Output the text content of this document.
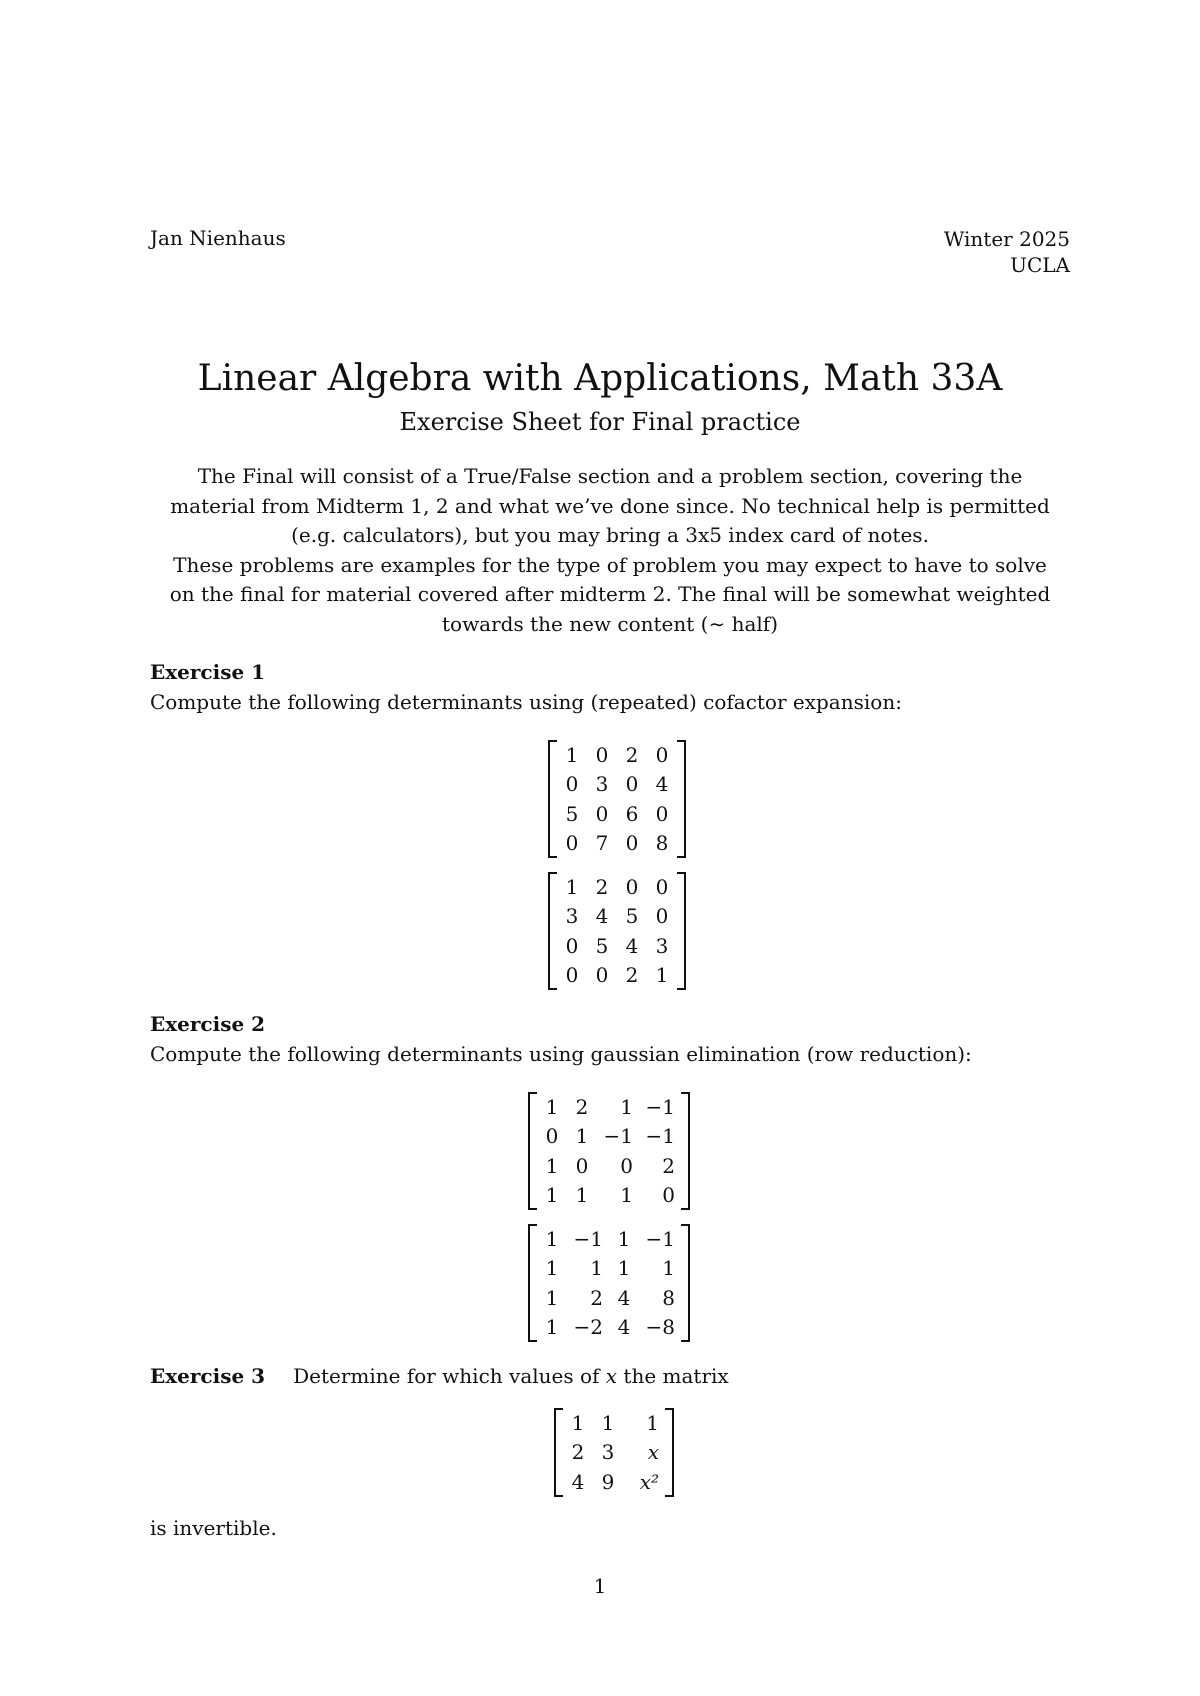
Jan Nienhaus	Winter 2025
UCLA
Linear Algebra with Applications, Math 33A
Exercise Sheet for Final practice

The Final will consist of a True/False section and a problem section, covering the

material from Midterm 1, 2 and what we’ve done since. No technical help is permitted

(e.g. calculators), but you may bring a 3x5 index card of notes.

These problems are examples for the type of problem you may expect to have to solve

on the final for material covered after midterm 2. The final will be somewhat weighted

towards the new content (∼ half)

Exercise 1
Compute the following determinants using (repeated) cofactor expansion:
1	0	2	0
0	3	0	4
5	0	6	0
0	7	0	8
1	2	0	0
3	4	5	0
0	5	4	3
0	0	2	1
Exercise 2
Compute the following determinants using gaussian elimination (row reduction):
1	2	1	−1
0	1	−1	−1
1	0	0	2
1	1	1	0
1	−1	1	−1
1	1	1	1
1	2	4	8
1	−2	4	−8
Exercise 3 Determine for which values of x the matrix
1	1	1
2	3	x
4	9	x²
is invertible.
1
